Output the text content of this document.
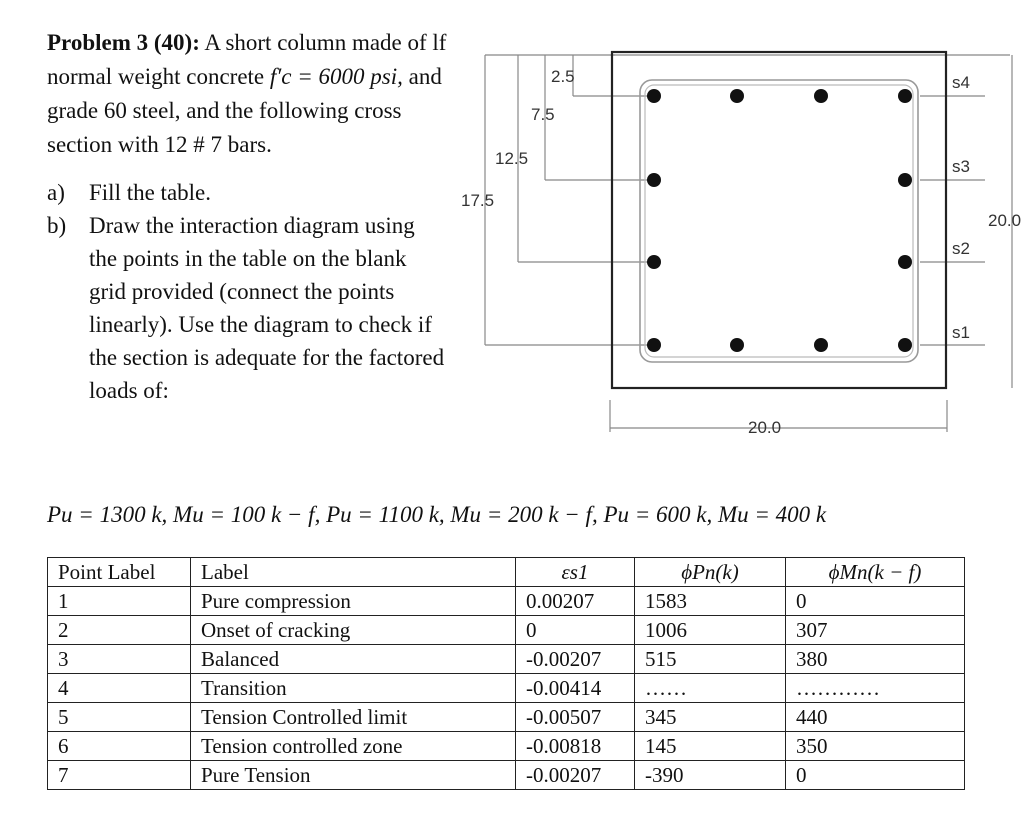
Problem 3 (40): A short column made of lf normal weight concrete f′c = 6000 psi, and grade 60 steel, and the following cross section with 12 # 7 bars.

a) Fill the table.
b) Draw the interaction diagram using the points in the table on the blank grid provided (connect the points linearly). Use the diagram to check if the section is adequate for the factored loads of:
2.5
7.5
12.5
17.5
20.0
20.0
s4
s3
s2
s1
Pu = 1300 k, Mu = 100 k − f, Pu = 1100 k, Mu = 200 k − f, Pu = 600 k, Mu = 400 k
Point Label	Label	εs1	ϕPn(k)	ϕMn(k − f)
1	Pure compression	0.00207	1583	0
2	Onset of cracking	0	1006	307
3	Balanced	-0.00207	515	380
4	Transition	-0.00414	……	…………
5	Tension Controlled limit	-0.00507	345	440
6	Tension controlled zone	-0.00818	145	350
7	Pure Tension	-0.00207	-390	0
